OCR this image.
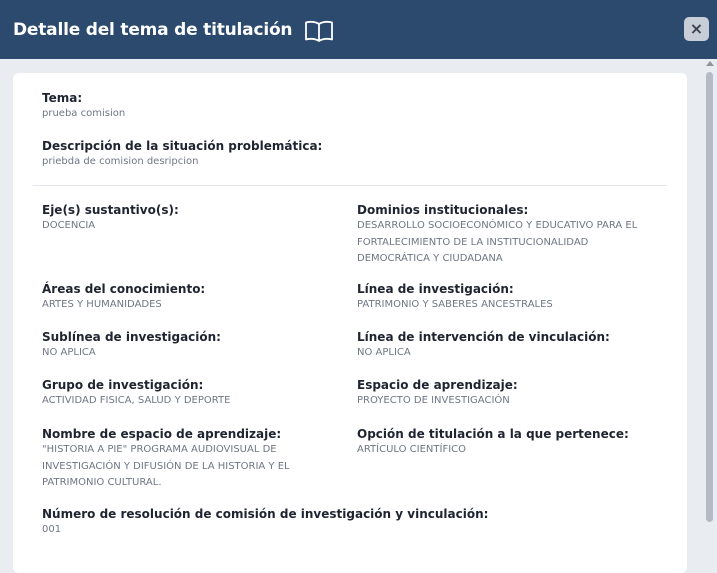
Detalle del tema de titulación	×
Tema:
prueba comision
Descripción de la situación problemática:
priebda de comision desripcion
Eje(s) sustantivo(s):
DOCENCIA
Dominios institucionales:
DESARROLLO SOCIOECONÓMICO Y EDUCATIVO PARA EL FORTALECIMIENTO DE LA INSTITUCIONALIDAD DEMOCRÁTICA Y CIUDADANA
Áreas del conocimiento:
ARTES Y HUMANIDADES
Línea de investigación:
PATRIMONIO Y SABERES ANCESTRALES
Sublínea de investigación:
NO APLICA
Línea de intervención de vinculación:
NO APLICA
Grupo de investigación:
ACTIVIDAD FISICA, SALUD Y DEPORTE
Espacio de aprendizaje:
PROYECTO DE INVESTIGACIÓN
Nombre de espacio de aprendizaje:
"HISTORIA A PIE" PROGRAMA AUDIOVISUAL DE INVESTIGACIÓN Y DIFUSIÓN DE LA HISTORIA Y EL PATRIMONIO CULTURAL.
Opción de titulación a la que pertenece:
ARTÍCULO CIENTÍFICO
Número de resolución de comisión de investigación y vinculación:
001
